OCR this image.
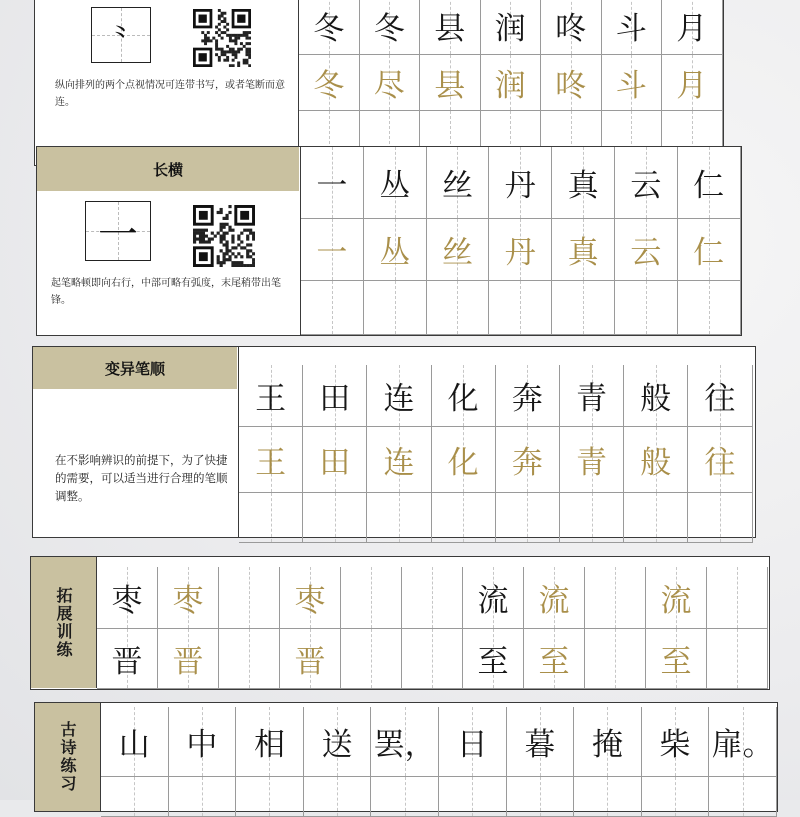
⺀
纵向排列的两个点视情况可连带书写，或者笔断而意连。
冬 冬 县 润 咚 斗 月
冬 尽 县 润 咚 斗 月
长横
一
起笔略顿即向右行，中部可略有弧度，末尾稍带出笔锋。
一 丛 丝 丹 真 云 仁
一 丛 丝 丹 真 云 仁
变异笔顺
在不影响辨识的前提下，为了快捷的需要，可以适当进行合理的笔顺调整。
王 田 连 化 奔 青 般 往
王 田 连 化 奔 青 般 往
拓展训练	枣 枣	枣	流 流	流
晋 晋	晋	至 至	至
古诗练习	山 中 相 送 罢， 日 暮 掩 柴 扉。
